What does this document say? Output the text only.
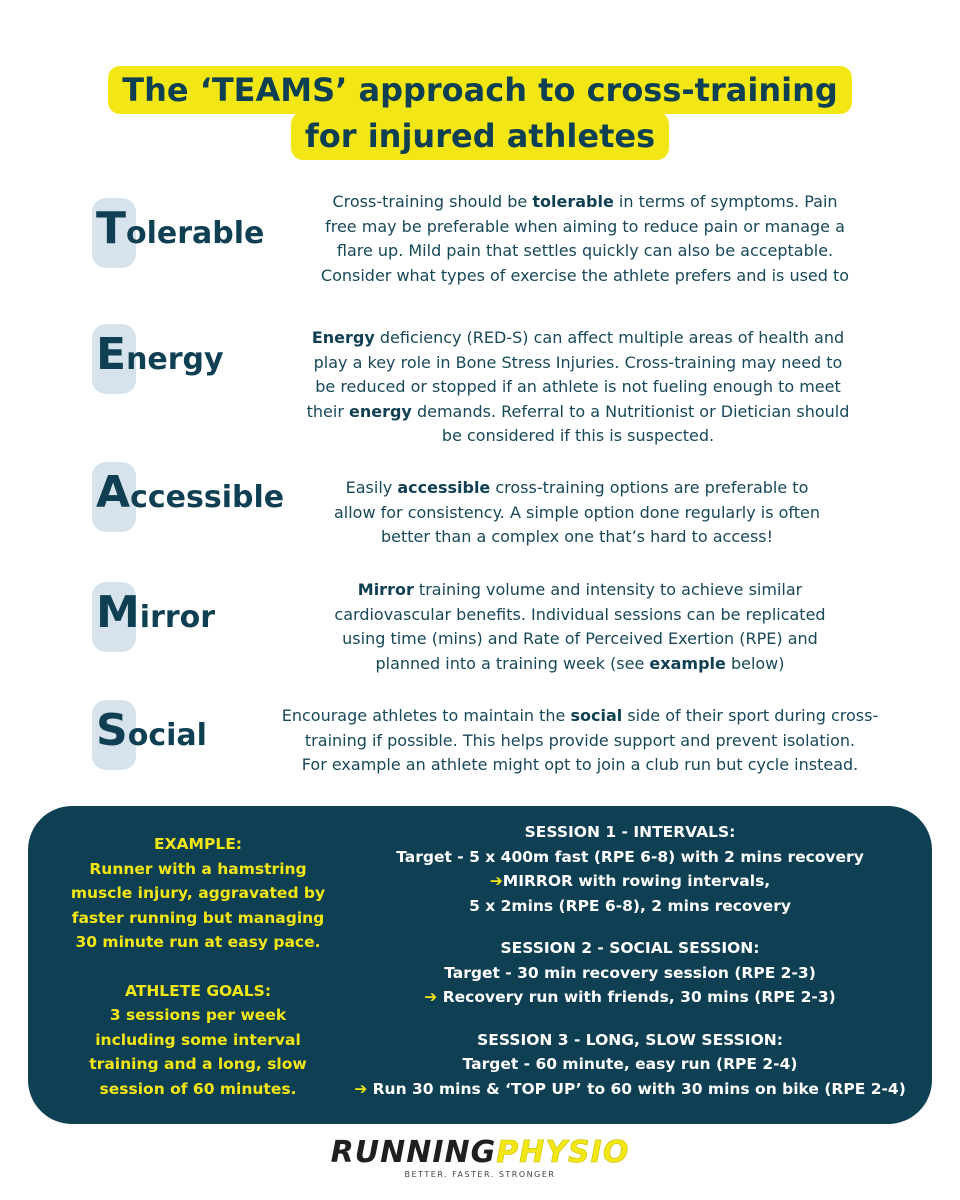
The ‘TEAMS’ approach to cross-training
for injured athletes
Tolerable

Cross-training should be tolerable in terms of symptoms. Pain

free may be preferable when aiming to reduce pain or manage a

flare up. Mild pain that settles quickly can also be acceptable.

Consider what types of exercise the athlete prefers and is used to

Energy

Energy deficiency (RED-S) can affect multiple areas of health and

play a key role in Bone Stress Injuries. Cross-training may need to

be reduced or stopped if an athlete is not fueling enough to meet

their energy demands. Referral to a Nutritionist or Dietician should

be considered if this is suspected.

Accessible	Easily accessible cross-training options are preferable to

allow for consistency. A simple option done regularly is often

better than a complex one that’s hard to access!

Mirror

Mirror training volume and intensity to achieve similar

cardiovascular benefits. Individual sessions can be replicated

using time (mins) and Rate of Perceived Exertion (RPE) and

planned into a training week (see example below)

Social

Encourage athletes to maintain the social side of their sport during cross-

training if possible. This helps provide support and prevent isolation.

For example an athlete might opt to join a club run but cycle instead.

EXAMPLE:

Runner with a hamstring

muscle injury, aggravated by

faster running but managing

30 minute run at easy pace.

ATHLETE GOALS:

3 sessions per week

including some interval

training and a long, slow

session of 60 minutes.

SESSION 1 - INTERVALS:

Target - 5 x 400m fast (RPE 6-8) with 2 mins recovery

➔MIRROR with rowing intervals,

5 x 2mins (RPE 6-8), 2 mins recovery

SESSION 2 - SOCIAL SESSION:

Target - 30 min recovery session (RPE 2-3)

➔ Recovery run with friends, 30 mins (RPE 2-3)

SESSION 3 - LONG, SLOW SESSION:

Target - 60 minute, easy run (RPE 2-4)

➔ Run 30 mins & ‘TOP UP’ to 60 with 30 mins on bike (RPE 2-4)

RUNNINGPHYSIO
BETTER. FASTER. STRONGER
